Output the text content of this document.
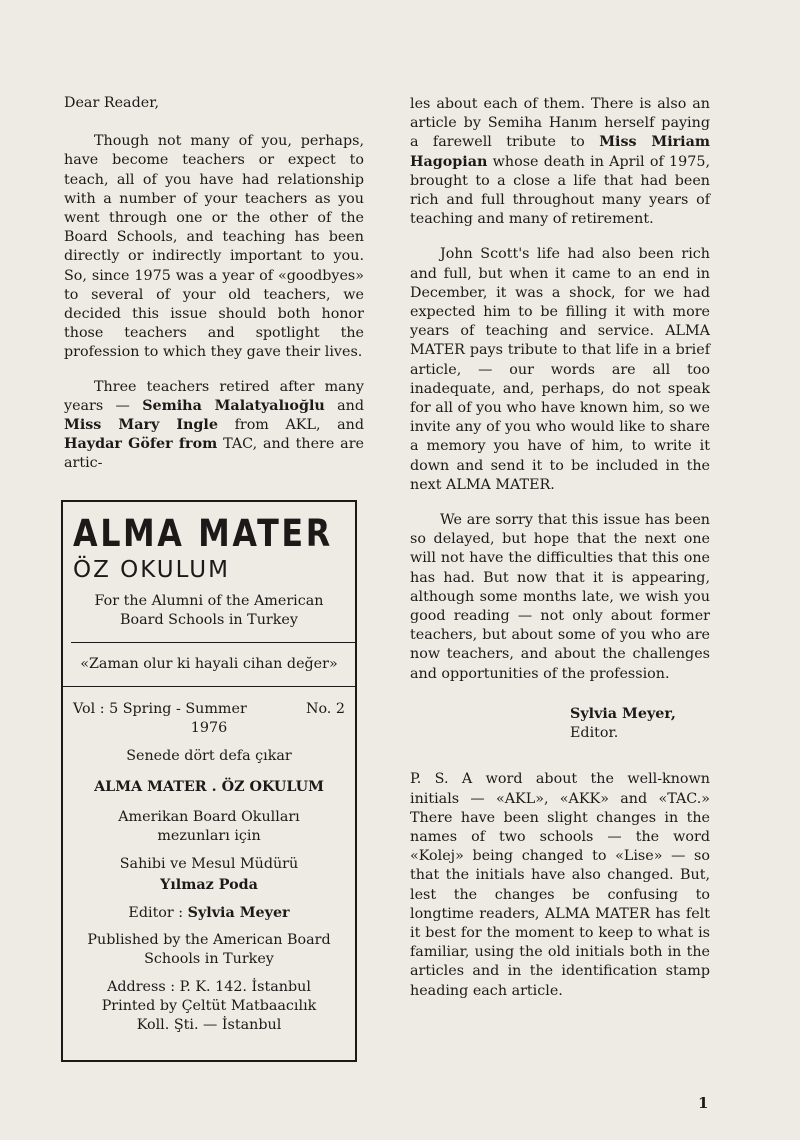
Dear Reader,

Though not many of you, perhaps, have become teachers or expect to teach, all of you have had relationship with a number of your teachers as you went through one or the other of the Board Schools, and teaching has been directly or indirectly important to you. So, since 1975 was a year of «goodbyes» to several of your old teachers, we decided this issue should both honor those teachers and spotlight the profession to which they gave their lives.

Three teachers retired after many years — Semiha Malatyalıoğlu and Miss Mary Ingle from AKL, and Haydar Göfer from TAC, and there are artic-

ALMA MATER
ÖZ OKULUM
For the Alumni of the American Board Schools in Turkey
«Zaman olur ki hayali cihan değer»
Vol : 5 Spring - Summer	No. 2
1976
Senede dört defa çıkar
ALMA MATER . ÖZ OKULUM
Amerikan Board Okulları
mezunları için
Sahibi ve Mesul Müdürü
Yılmaz Poda
Editor : Sylvia Meyer
Published by the American Board
Schools in Turkey
Address : P. K. 142. İstanbul
Printed by Çeltüt Matbaacılık
Koll. Şti. — İstanbul

les about each of them. There is also an article by Semiha Hanım herself paying a farewell tribute to Miss Miriam Hagopian whose death in April of 1975, brought to a close a life that had been rich and full throughout many years of teaching and many of retirement.

John Scott's life had also been rich and full, but when it came to an end in December, it was a shock, for we had expected him to be filling it with more years of teaching and service. ALMA MATER pays tribute to that life in a brief article, — our words are all too inadequate, and, perhaps, do not speak for all of you who have known him, so we invite any of you who would like to share a memory you have of him, to write it down and send it to be included in the next ALMA MATER.

We are sorry that this issue has been so delayed, but hope that the next one will not have the difficulties that this one has had. But now that it is appearing, although some months late, we wish you good reading — not only about former teachers, but about some of you who are now teachers, and about the challenges and opportunities of the profession.

Sylvia Meyer,
Editor.

P. S. A word about the well-known initials — «AKL», «AKK» and «TAC.» There have been slight changes in the names of two schools — the word «Kolej» being changed to «Lise» — so that the initials have also changed. But, lest the changes be confusing to longtime readers, ALMA MATER has felt it best for the moment to keep to what is familiar, using the old initials both in the articles and in the identification stamp heading each article.

1
